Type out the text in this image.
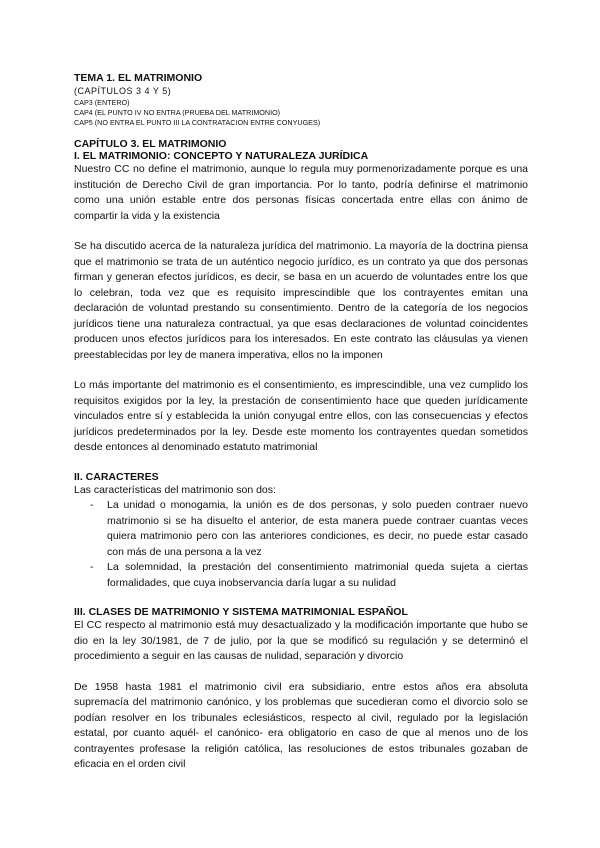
TEMA 1. EL MATRIMONIO
(CAPÍTULOS 3 4 Y 5)
CAP3 (ENTERO)
CAP4 (EL PUNTO IV NO ENTRA (PRUEBA DEL MATRIMONIO)
CAP5 (NO ENTRA EL PUNTO III LA CONTRATACION ENTRE CONYUGES)
CAPÍTULO 3. EL MATRIMONIO
I. EL MATRIMONIO: CONCEPTO Y NATURALEZA JURÍDICA

Nuestro CC no define el matrimonio, aunque lo regula muy pormenorizadamente porque es una institución de Derecho Civil de gran importancia. Por lo tanto, podría definirse el matrimonio como una unión estable entre dos personas físicas concertada entre ellas con ánimo de compartir la vida y la existencia

Se ha discutido acerca de la naturaleza jurídica del matrimonio. La mayoría de la doctrina piensa que el matrimonio se trata de un auténtico negocio jurídico, es un contrato ya que dos personas firman y generan efectos jurídicos, es decir, se basa en un acuerdo de voluntades entre los que lo celebran, toda vez que es requisito imprescindible que los contrayentes emitan una declaración de voluntad prestando su consentimiento. Dentro de la categoría de los negocios jurídicos tiene una naturaleza contractual, ya que esas declaraciones de voluntad coincidentes producen unos efectos jurídicos para los interesados. En este contrato las cláusulas ya vienen preestablecidas por ley de manera imperativa, ellos no la imponen

Lo más importante del matrimonio es el consentimiento, es imprescindible, una vez cumplido los requisitos exigidos por la ley, la prestación de consentimiento hace que queden jurídicamente vinculados entre sí y establecida la unión conyugal entre ellos, con las consecuencias y efectos jurídicos predeterminados por la ley. Desde este momento los contrayentes quedan sometidos desde entonces al denominado estatuto matrimonial

II. CARACTERES

Las características del matrimonio son dos:

- La unidad o monogamia, la unión es de dos personas, y solo pueden contraer nuevo matrimonio si se ha disuelto el anterior, de esta manera puede contraer cuantas veces quiera matrimonio pero con las anteriores condiciones, es decir, no puede estar casado con más de una persona a la vez
- La solemnidad, la prestación del consentimiento matrimonial queda sujeta a ciertas formalidades, que cuya inobservancia daría lugar a su nulidad
III. CLASES DE MATRIMONIO Y SISTEMA MATRIMONIAL ESPAÑOL

El CC respecto al matrimonio está muy desactualizado y la modificación importante que hubo se dio en la ley 30/1981, de 7 de julio, por la que se modificó su regulación y se determinó el procedimiento a seguir en las causas de nulidad, separación y divorcio

De 1958 hasta 1981 el matrimonio civil era subsidiario, entre estos años era absoluta supremacía del matrimonio canónico, y los problemas que sucedieran como el divorcio solo se podían resolver en los tribunales eclesiásticos, respecto al civil, regulado por la legislación estatal, por cuanto aquél- el canónico- era obligatorio en caso de que al menos uno de los contrayentes profesase la religión católica, las resoluciones de estos tribunales gozaban de eficacia en el orden civil
